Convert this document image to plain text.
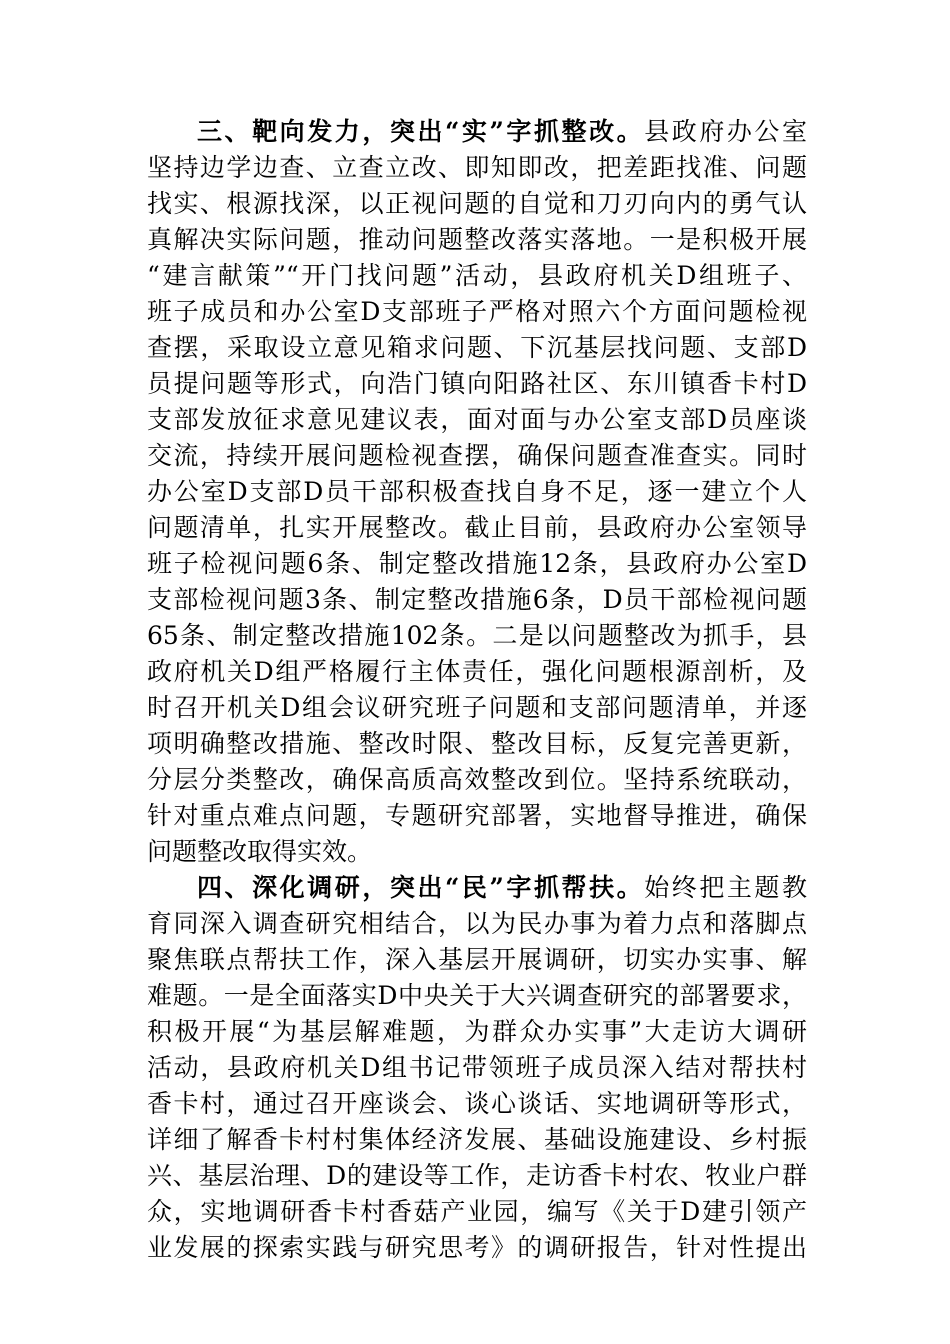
三、靶向发力，突出“实”字抓整改。县政府办公室
坚持边学边查、立查立改、即知即改，把差距找准、问题
找实、根源找深，以正视问题的自觉和刀刃向内的勇气认
真解决实际问题，推动问题整改落实落地。一是积极开展
“建言献策”“开门找问题”活动，县政府机关D组班子、
班子成员和办公室D支部班子严格对照六个方面问题检视
查摆，采取设立意见箱求问题、下沉基层找问题、支部D
员提问题等形式，向浩门镇向阳路社区、东川镇香卡村D
支部发放征求意见建议表，面对面与办公室支部D员座谈
交流，持续开展问题检视查摆，确保问题查准查实。同时
办公室D支部D员干部积极查找自身不足，逐一建立个人
问题清单，扎实开展整改。截止目前，县政府办公室领导
班子检视问题6条、制定整改措施12条，县政府办公室D
支部检视问题3条、制定整改措施6条，D员干部检视问题
65条、制定整改措施102条。二是以问题整改为抓手，县
政府机关D组严格履行主体责任，强化问题根源剖析，及
时召开机关D组会议研究班子问题和支部问题清单，并逐
项明确整改措施、整改时限、整改目标，反复完善更新，
分层分类整改，确保高质高效整改到位。坚持系统联动，
针对重点难点问题，专题研究部署，实地督导推进，确保
问题整改取得实效。
四、深化调研，突出“民”字抓帮扶。始终把主题教
育同深入调查研究相结合，以为民办事为着力点和落脚点
聚焦联点帮扶工作，深入基层开展调研，切实办实事、解
难题。一是全面落实D中央关于大兴调查研究的部署要求，
积极开展“为基层解难题，为群众办实事”大走访大调研
活动，县政府机关D组书记带领班子成员深入结对帮扶村
香卡村，通过召开座谈会、谈心谈话、实地调研等形式，
详细了解香卡村村集体经济发展、基础设施建设、乡村振
兴、基层治理、D的建设等工作，走访香卡村农、牧业户群
众，实地调研香卡村香菇产业园，编写《关于D建引领产
业发展的探索实践与研究思考》的调研报告，针对性提出
